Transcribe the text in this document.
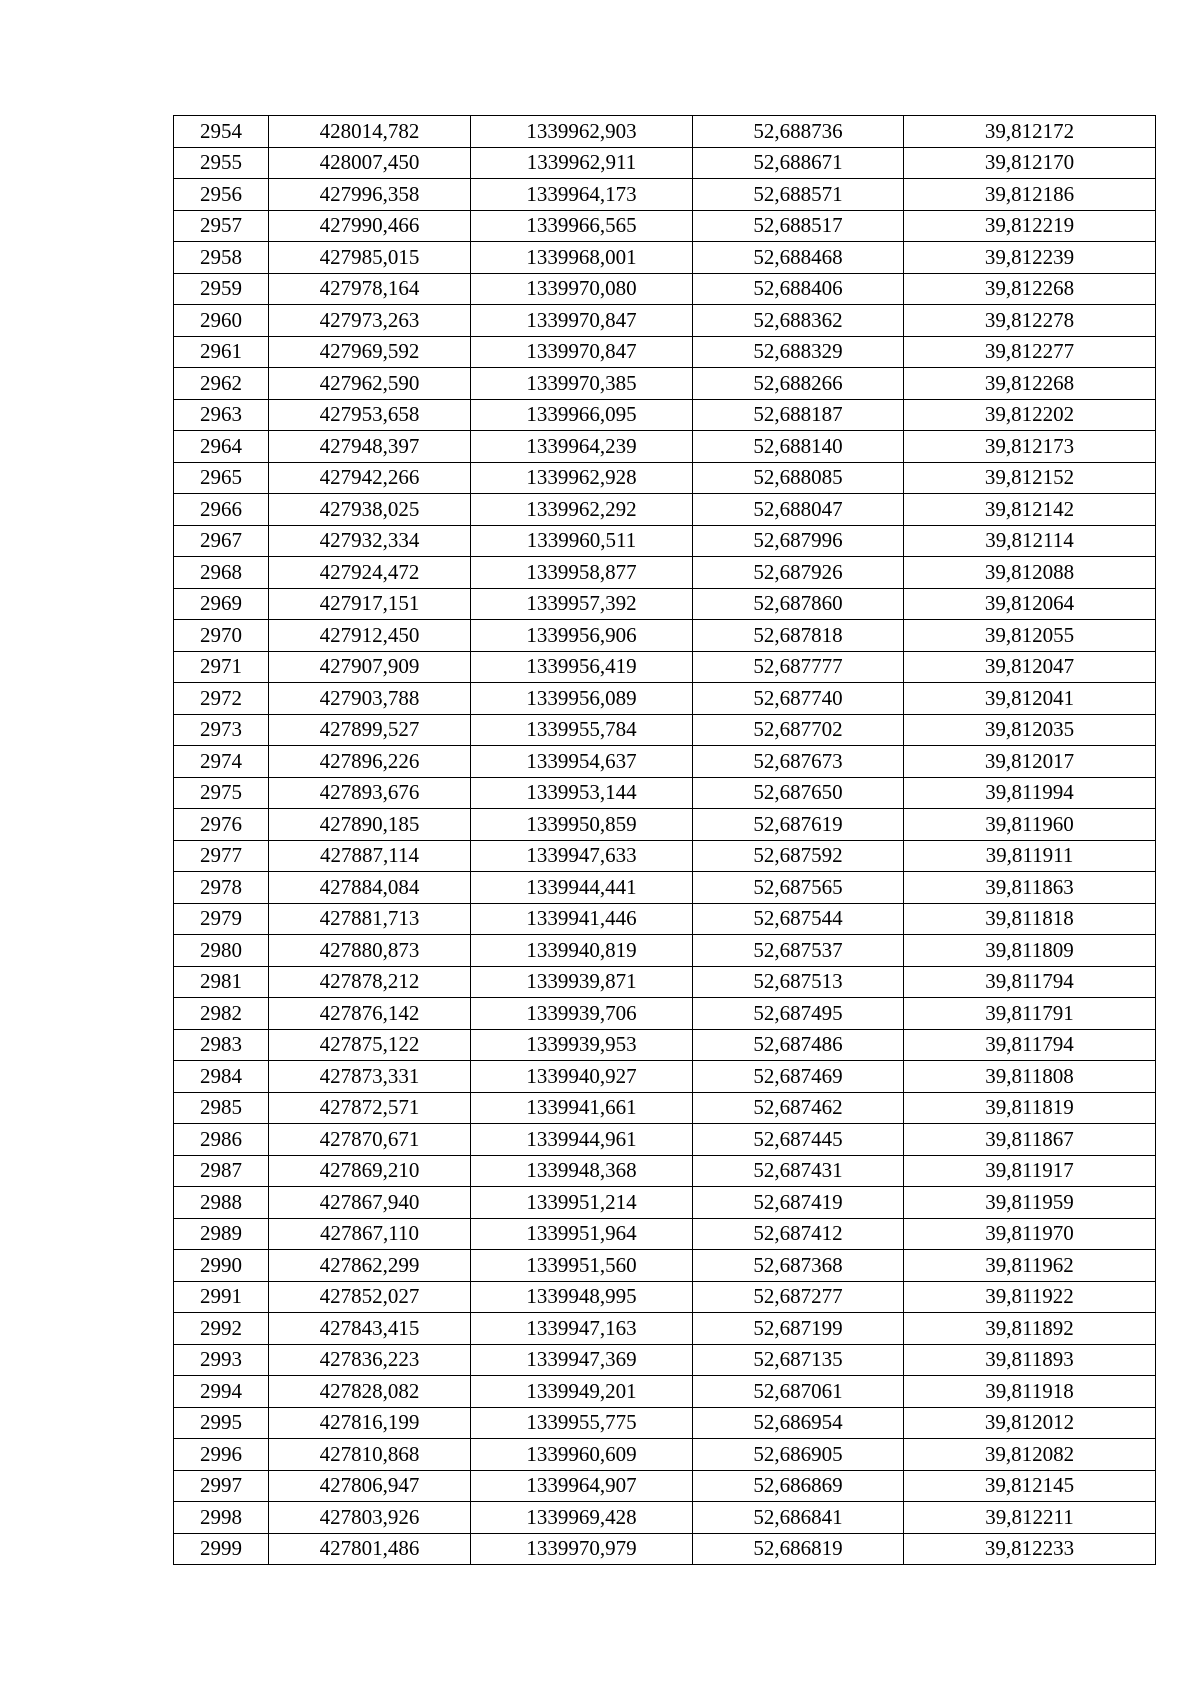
2954	428014,782	1339962,903	52,688736	39,812172
2955	428007,450	1339962,911	52,688671	39,812170
2956	427996,358	1339964,173	52,688571	39,812186
2957	427990,466	1339966,565	52,688517	39,812219
2958	427985,015	1339968,001	52,688468	39,812239
2959	427978,164	1339970,080	52,688406	39,812268
2960	427973,263	1339970,847	52,688362	39,812278
2961	427969,592	1339970,847	52,688329	39,812277
2962	427962,590	1339970,385	52,688266	39,812268
2963	427953,658	1339966,095	52,688187	39,812202
2964	427948,397	1339964,239	52,688140	39,812173
2965	427942,266	1339962,928	52,688085	39,812152
2966	427938,025	1339962,292	52,688047	39,812142
2967	427932,334	1339960,511	52,687996	39,812114
2968	427924,472	1339958,877	52,687926	39,812088
2969	427917,151	1339957,392	52,687860	39,812064
2970	427912,450	1339956,906	52,687818	39,812055
2971	427907,909	1339956,419	52,687777	39,812047
2972	427903,788	1339956,089	52,687740	39,812041
2973	427899,527	1339955,784	52,687702	39,812035
2974	427896,226	1339954,637	52,687673	39,812017
2975	427893,676	1339953,144	52,687650	39,811994
2976	427890,185	1339950,859	52,687619	39,811960
2977	427887,114	1339947,633	52,687592	39,811911
2978	427884,084	1339944,441	52,687565	39,811863
2979	427881,713	1339941,446	52,687544	39,811818
2980	427880,873	1339940,819	52,687537	39,811809
2981	427878,212	1339939,871	52,687513	39,811794
2982	427876,142	1339939,706	52,687495	39,811791
2983	427875,122	1339939,953	52,687486	39,811794
2984	427873,331	1339940,927	52,687469	39,811808
2985	427872,571	1339941,661	52,687462	39,811819
2986	427870,671	1339944,961	52,687445	39,811867
2987	427869,210	1339948,368	52,687431	39,811917
2988	427867,940	1339951,214	52,687419	39,811959
2989	427867,110	1339951,964	52,687412	39,811970
2990	427862,299	1339951,560	52,687368	39,811962
2991	427852,027	1339948,995	52,687277	39,811922
2992	427843,415	1339947,163	52,687199	39,811892
2993	427836,223	1339947,369	52,687135	39,811893
2994	427828,082	1339949,201	52,687061	39,811918
2995	427816,199	1339955,775	52,686954	39,812012
2996	427810,868	1339960,609	52,686905	39,812082
2997	427806,947	1339964,907	52,686869	39,812145
2998	427803,926	1339969,428	52,686841	39,812211
2999	427801,486	1339970,979	52,686819	39,812233
